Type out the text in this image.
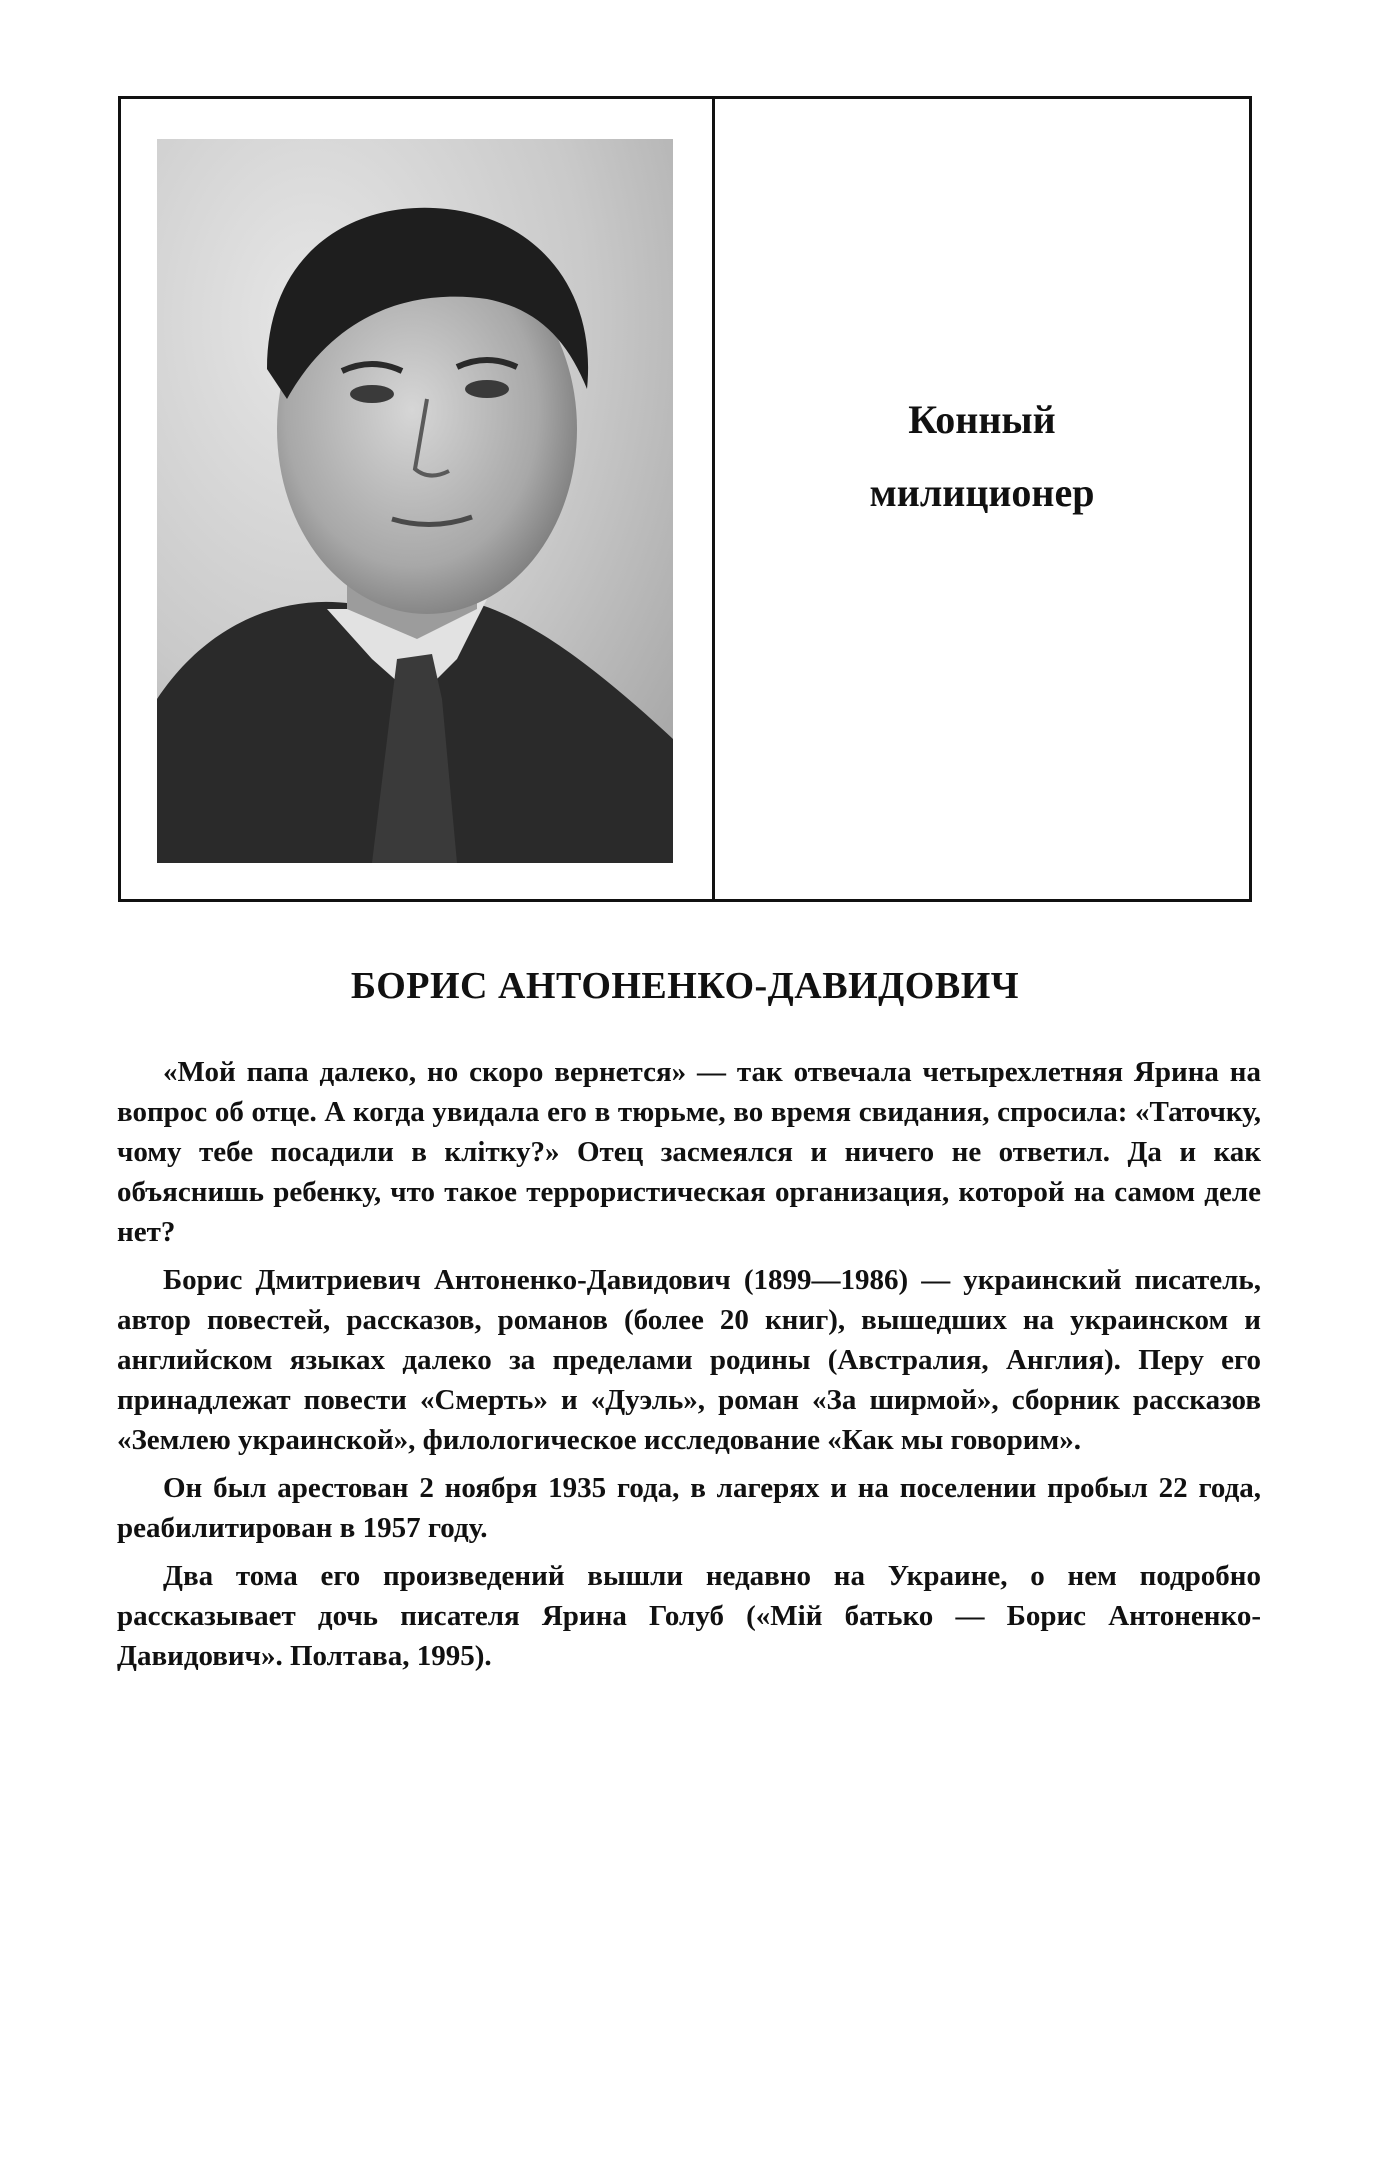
Конный
милиционер
БОРИС АНТОНЕНКО-ДАВИДОВИЧ

«Мой папа далеко, но скоро вернется» — так отвечала четырехлетняя Ярина на вопрос об отце. А когда увидала его в тюрьме, во время свидания, спросила: «Таточку, чому тебе посадили в клiтку?» Отец засмеялся и ничего не ответил. Да и как объяснишь ребенку, что такое террористическая организация, которой на самом деле нет?

Борис Дмитриевич Антоненко-Давидович (1899—1986) — украинский писатель, автор повестей, рассказов, романов (более 20 книг), вышедших на украинском и английском языках далеко за пределами родины (Австралия, Англия). Перу его принадлежат повести «Смерть» и «Дуэль», роман «За ширмой», сборник рассказов «Землею украинской», филологическое исследование «Как мы говорим».

Он был арестован 2 ноября 1935 года, в лагерях и на поселении пробыл 22 года, реабилитирован в 1957 году.

Два тома его произведений вышли недавно на Украине, о нем подробно рассказывает дочь писателя Ярина Голуб («Мiй батько — Борис Антоненко-Давидович». Полтава, 1995).
